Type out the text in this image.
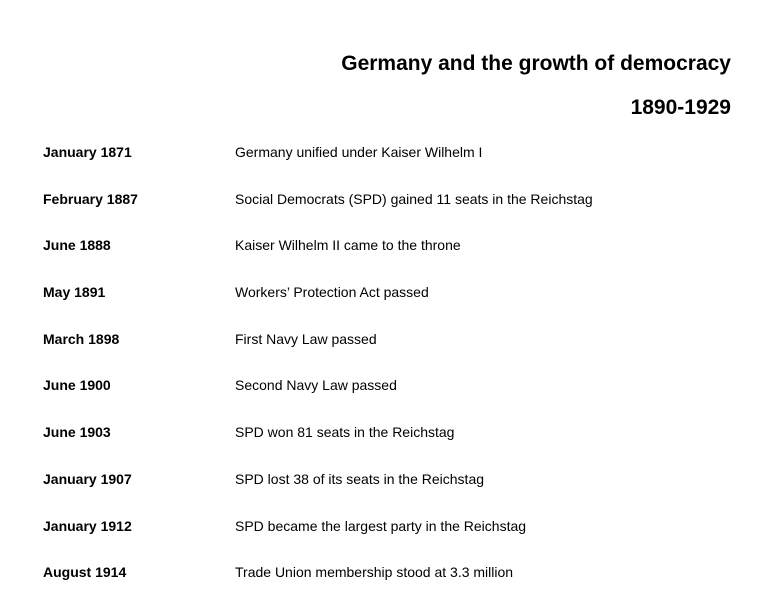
Germany and the growth of democracy
1890-1929
January 1871	Germany unified under Kaiser Wilhelm I
February 1887	Social Democrats (SPD) gained 11 seats in the Reichstag
June 1888	Kaiser Wilhelm II came to the throne
May 1891	Workers’ Protection Act passed
March 1898	First Navy Law passed
June 1900	Second Navy Law passed
June 1903	SPD won 81 seats in the Reichstag
January 1907	SPD lost 38 of its seats in the Reichstag
January 1912	SPD became the largest party in the Reichstag
August 1914	Trade Union membership stood at 3.3 million
